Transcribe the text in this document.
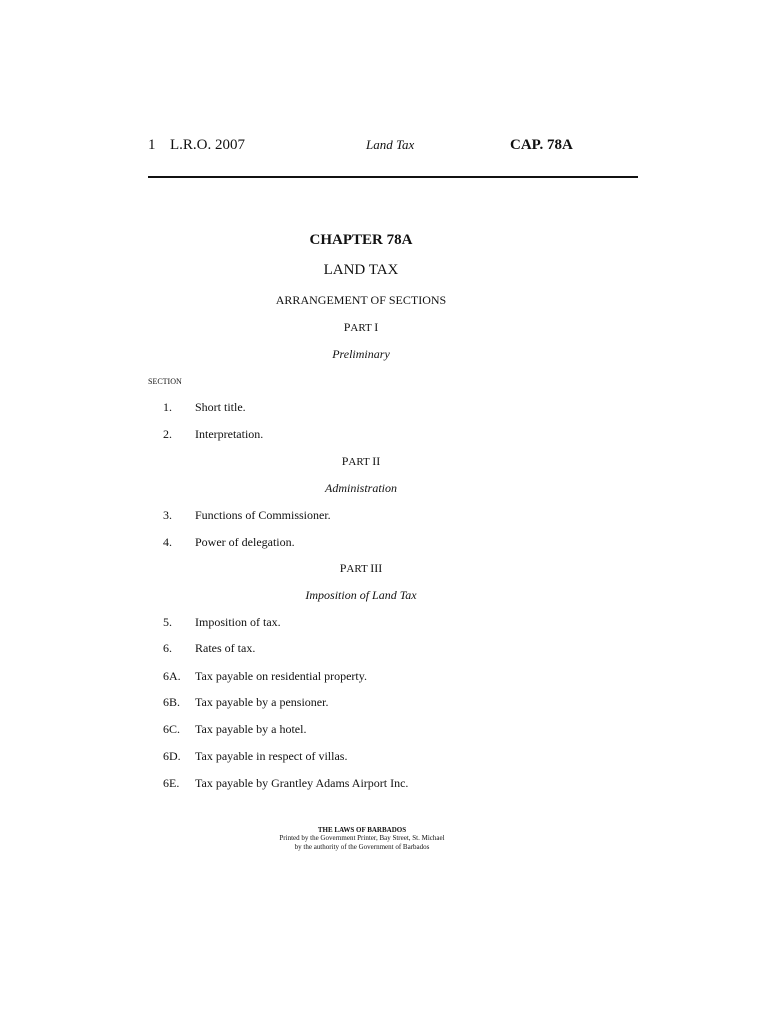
1 L.R.O. 2007	Land Tax	CAP. 78A
CHAPTER 78A
LAND TAX
ARRANGEMENT OF SECTIONS
PART I
Preliminary
SECTION
1. Short title.
2. Interpretation.
PART II
Administration
3. Functions of Commissioner.
4. Power of delegation.
PART III
Imposition of Land Tax
5. Imposition of tax.
6. Rates of tax.
6A. Tax payable on residential property.
6B. Tax payable by a pensioner.
6C. Tax payable by a hotel.
6D. Tax payable in respect of villas.
6E. Tax payable by Grantley Adams Airport Inc.
THE LAWS OF BARBADOS
Printed by the Government Printer, Bay Street, St. Michael
by the authority of the Government of Barbados
